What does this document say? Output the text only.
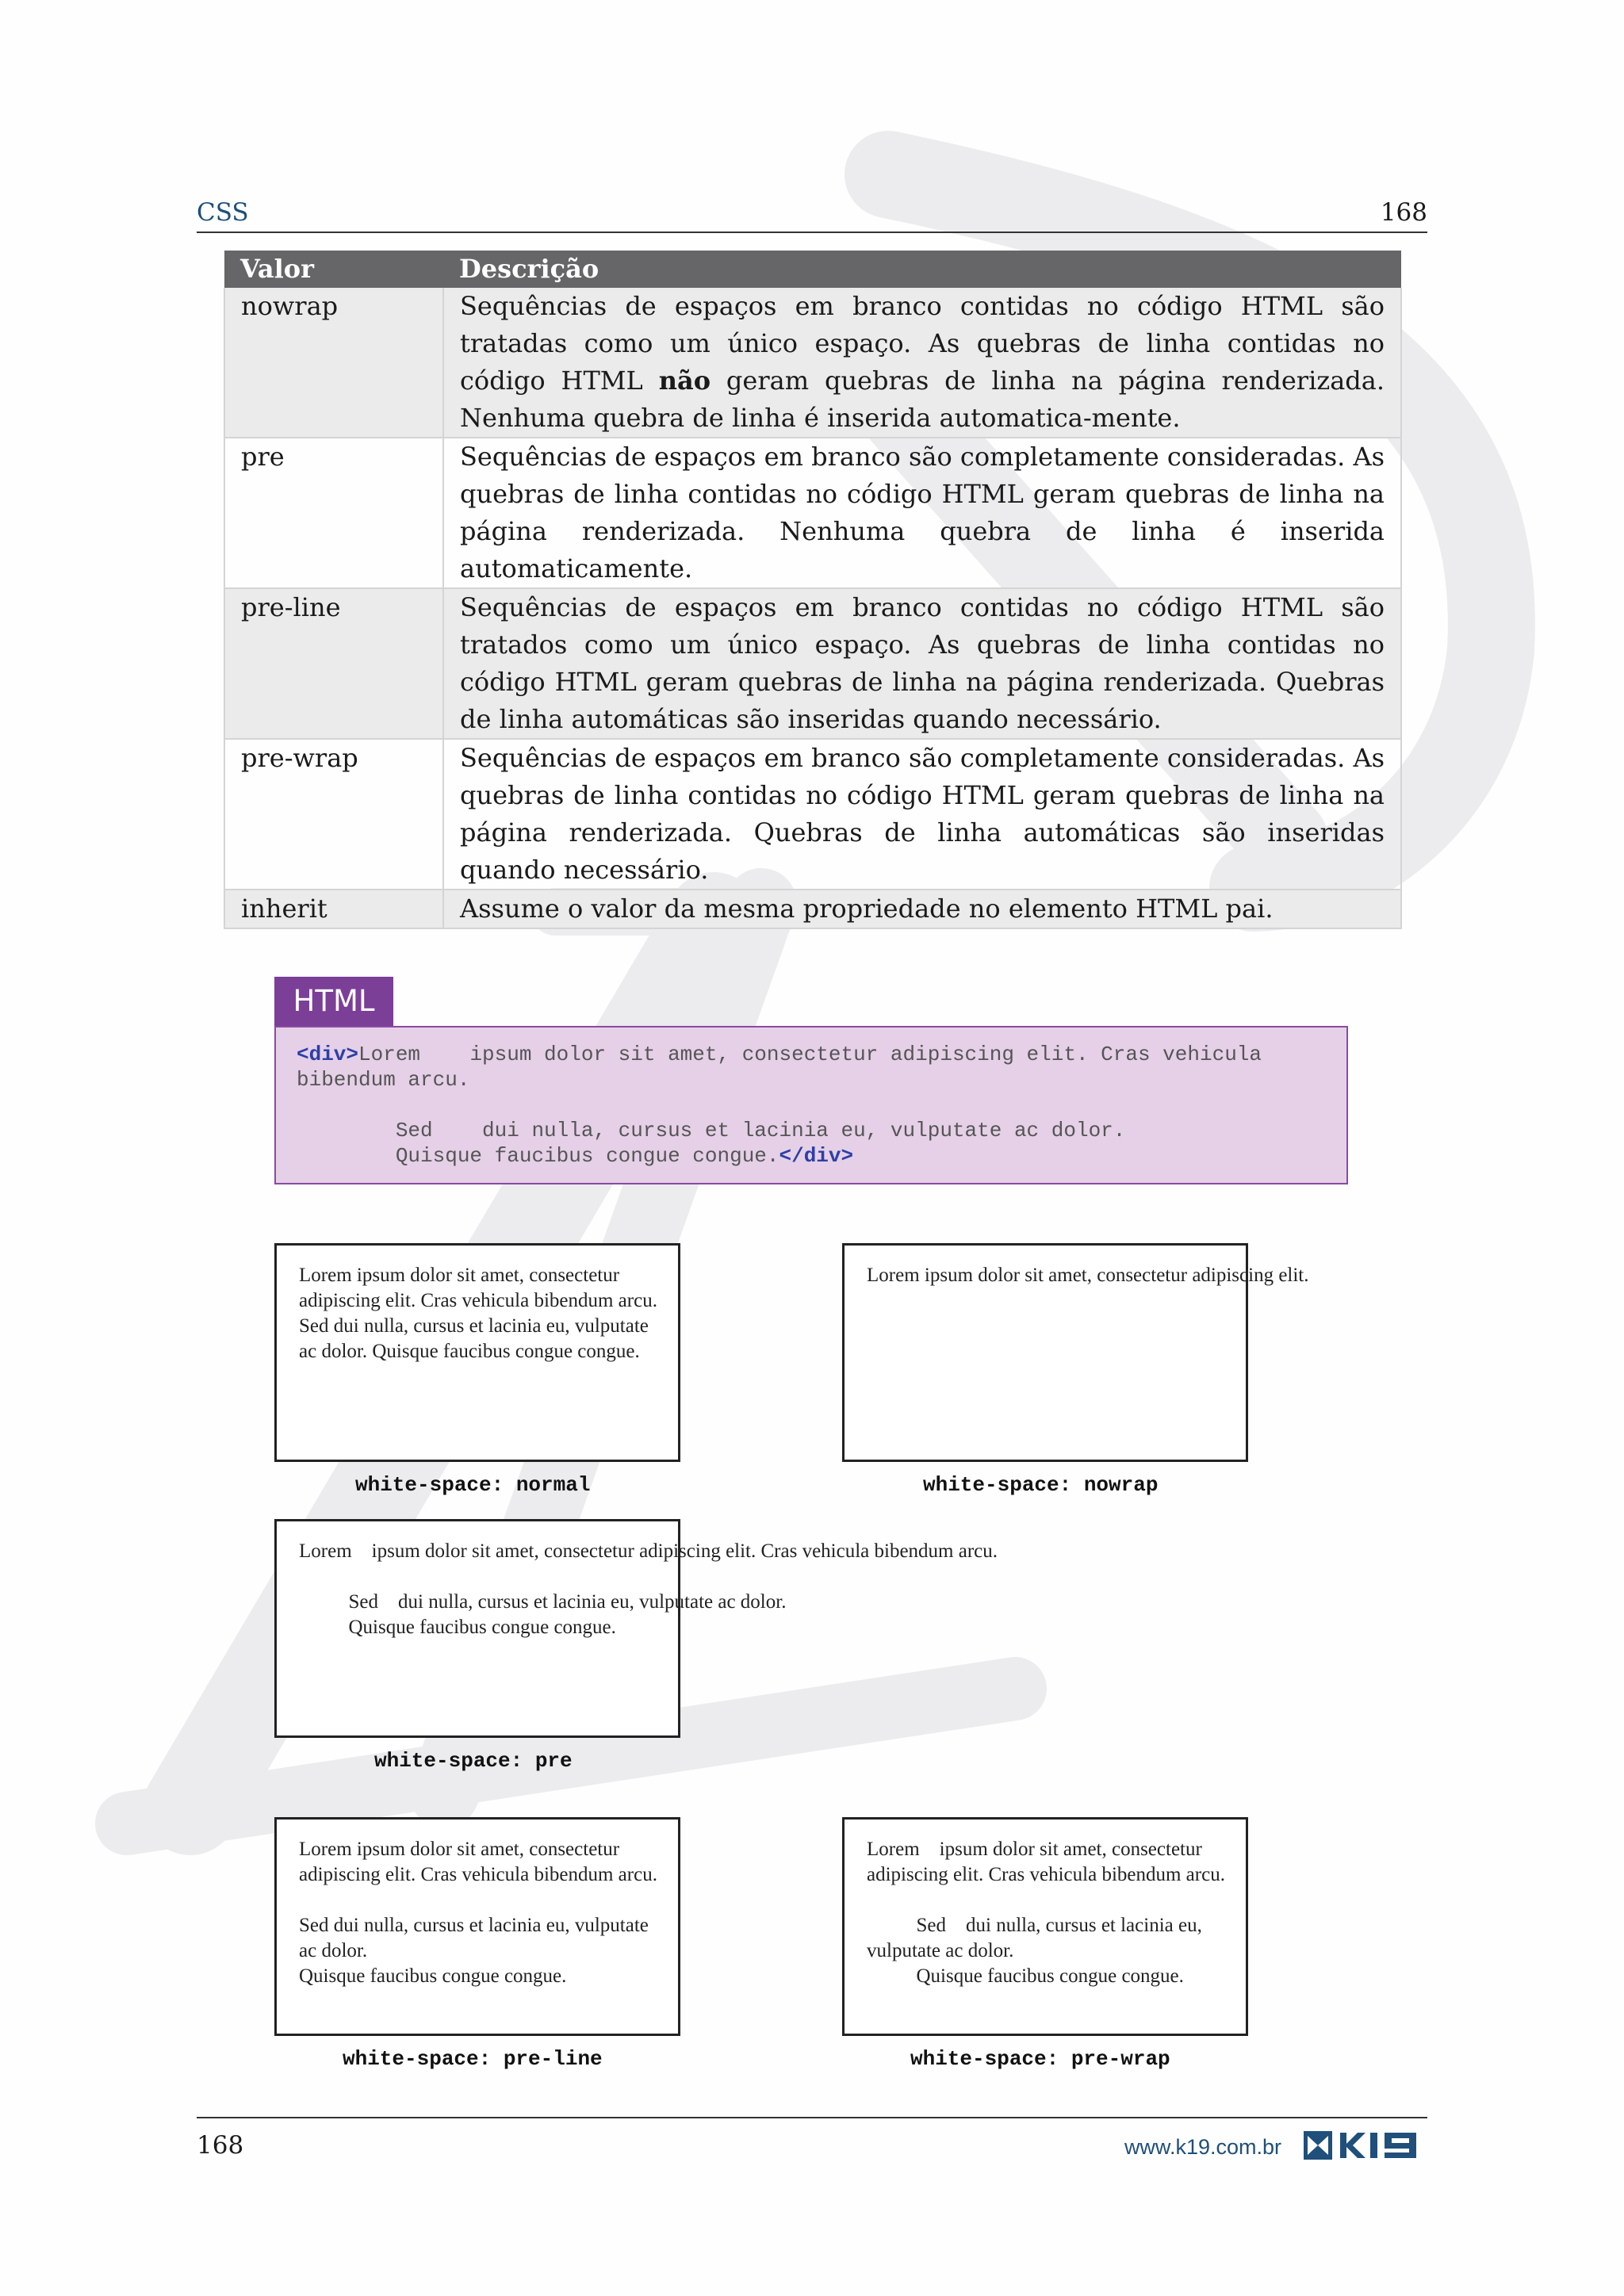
CSS	168
Valor	Descrição
nowrap	Sequências de espaços em branco contidas no código HTML são tratadas como um único espaço. As quebras de linha contidas no código HTML não geram quebras de linha na página renderizada. Nenhuma quebra de linha é inserida automatica-mente.
pre	Sequências de espaços em branco são completamente consideradas. As quebras de linha contidas no código HTML geram quebras de linha na página renderizada. Nenhuma quebra de linha é inserida automaticamente.
pre-line	Sequências de espaços em branco contidas no código HTML são tratados como um único espaço. As quebras de linha contidas no código HTML geram quebras de linha na página renderizada. Quebras de linha automáticas são inseridas quando necessário.
pre-wrap	Sequências de espaços em branco são completamente consideradas. As quebras de linha contidas no código HTML geram quebras de linha na página renderizada. Quebras de linha automáticas são inseridas quando necessário.
inherit	Assume o valor da mesma propriedade no elemento HTML pai.
HTML
<div>Lorem    ipsum dolor sit amet, consectetur adipiscing elit. Cras vehicula
bibendum arcu.

Sed    dui nulla, cursus et lacinia eu, vulputate ac dolor.
Quisque faucibus congue congue.</div>
Lorem ipsum dolor sit amet, consectetur adipiscing elit. Cras vehicula bibendum arcu. Sed dui nulla, cursus et lacinia eu, vulputate ac dolor. Quisque faucibus congue congue.
white-space: normal
Lorem ipsum dolor sit amet, consectetur adipiscing elit.
white-space: nowrap
Lorem    ipsum dolor sit amet, consectetur adipiscing elit. Cras vehicula bibendum arcu.

Sed    dui nulla, cursus et lacinia eu, vulputate ac dolor.
Quisque faucibus congue congue.
white-space: pre
Lorem ipsum dolor sit amet, consectetur adipiscing elit. Cras vehicula bibendum arcu.

Sed dui nulla, cursus et lacinia eu, vulputate ac dolor.
Quisque faucibus congue congue.
white-space: pre-line
Lorem    ipsum dolor sit amet, consectetur adipiscing elit. Cras vehicula bibendum arcu.

Sed    dui nulla, cursus et lacinia eu, vulputate ac dolor.
Quisque faucibus congue congue.
white-space: pre-wrap
168	www.k19.com.br
